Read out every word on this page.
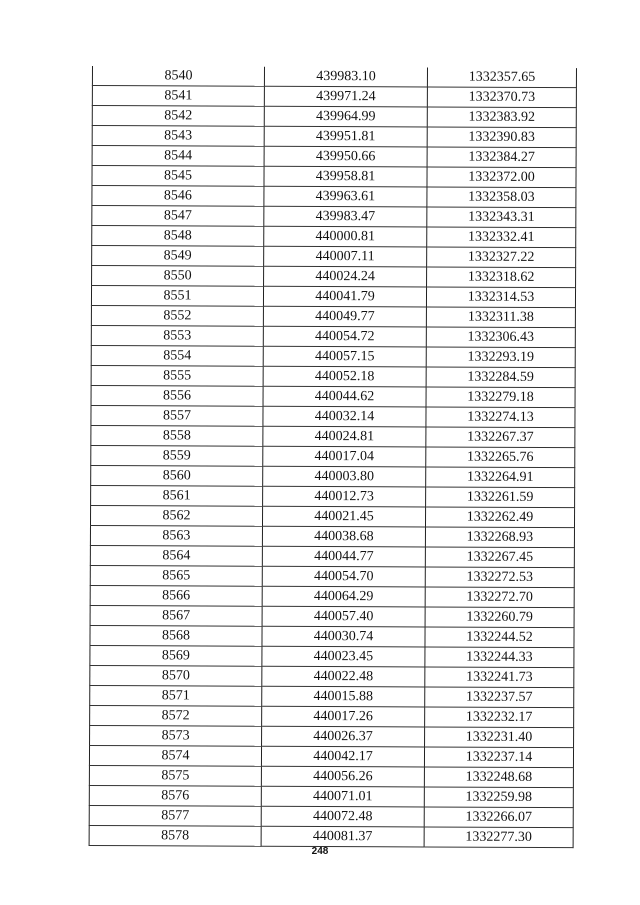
8540	439983.10	1332357.65
8541	439971.24	1332370.73
8542	439964.99	1332383.92
8543	439951.81	1332390.83
8544	439950.66	1332384.27
8545	439958.81	1332372.00
8546	439963.61	1332358.03
8547	439983.47	1332343.31
8548	440000.81	1332332.41
8549	440007.11	1332327.22
8550	440024.24	1332318.62
8551	440041.79	1332314.53
8552	440049.77	1332311.38
8553	440054.72	1332306.43
8554	440057.15	1332293.19
8555	440052.18	1332284.59
8556	440044.62	1332279.18
8557	440032.14	1332274.13
8558	440024.81	1332267.37
8559	440017.04	1332265.76
8560	440003.80	1332264.91
8561	440012.73	1332261.59
8562	440021.45	1332262.49
8563	440038.68	1332268.93
8564	440044.77	1332267.45
8565	440054.70	1332272.53
8566	440064.29	1332272.70
8567	440057.40	1332260.79
8568	440030.74	1332244.52
8569	440023.45	1332244.33
8570	440022.48	1332241.73
8571	440015.88	1332237.57
8572	440017.26	1332232.17
8573	440026.37	1332231.40
8574	440042.17	1332237.14
8575	440056.26	1332248.68
8576	440071.01	1332259.98
8577	440072.48	1332266.07
8578	440081.37	1332277.30
248
